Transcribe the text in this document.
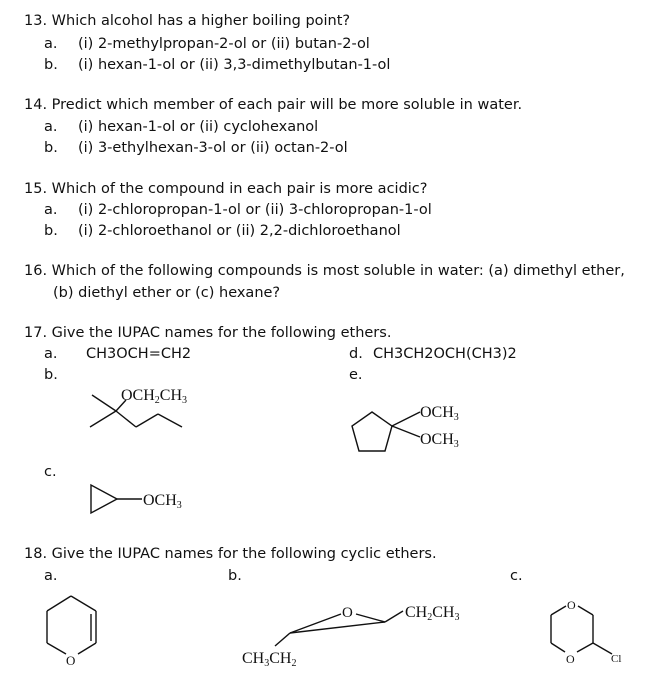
13. Which alcohol has a higher boiling point?
a. (i) 2-methylpropan-2-ol or (ii) butan-2-ol
b. (i) hexan-1-ol or (ii) 3,3-dimethylbutan-1-ol
14. Predict which member of each pair will be more soluble in water.
a. (i) hexan-1-ol or (ii) cyclohexanol
b. (i) 3-ethylhexan-3-ol or (ii) octan-2-ol
15. Which of the compound in each pair is more acidic?
a. (i) 2-chloropropan-1-ol or (ii) 3-chloropropan-1-ol
b. (i) 2-chloroethanol or (ii) 2,2-dichloroethanol
16. Which of the following compounds is most soluble in water: (a) dimethyl ether,
(b) diethyl ether or (c) hexane?
17. Give the IUPAC names for the following ethers.
a. CH3OCH=CH2	d. CH3CH2OCH(CH3)2
b.	e.
c.
18. Give the IUPAC names for the following cyclic ethers.
a.	b.	c.
OCH2CH3
OCH3
OCH3
OCH3
O
O	CH2CH3
CH3CH2
O
O	Cl
